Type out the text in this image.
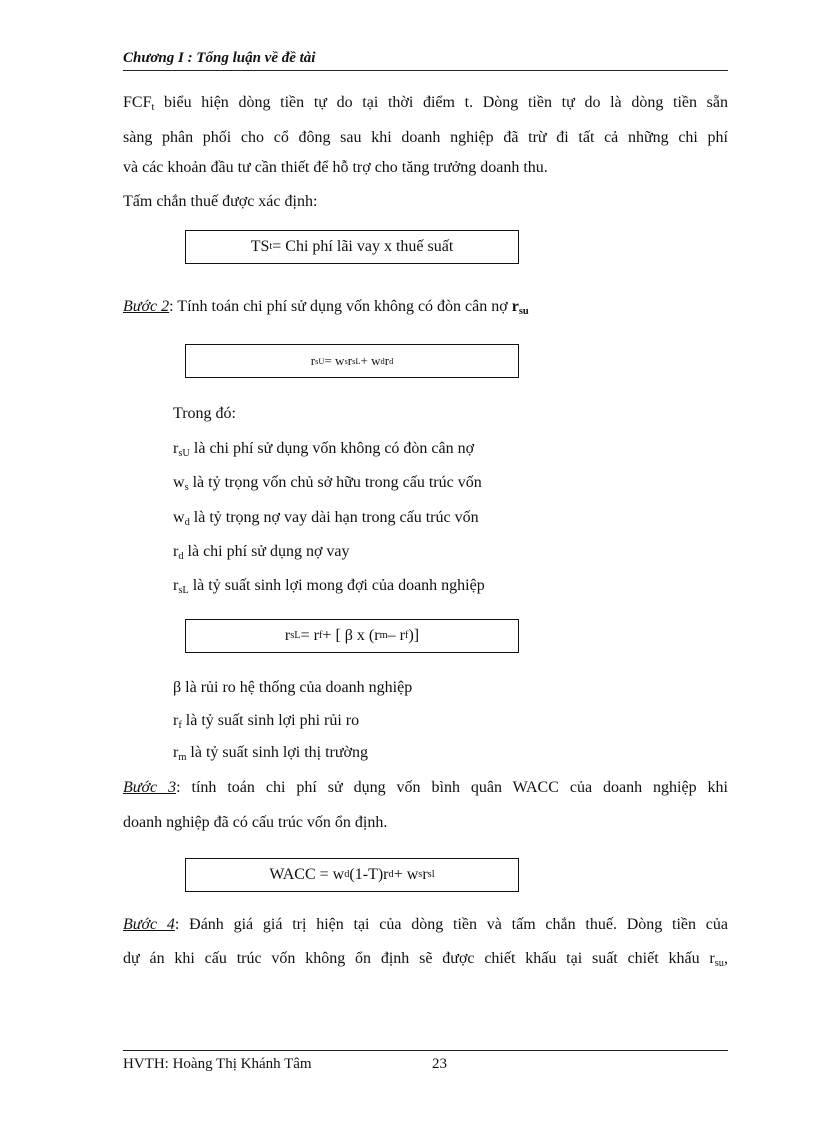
Chương I : Tổng luận về đề tài
$FCF_t$ biểu hiện dòng tiền tự do tại thời điểm t. Dòng tiền tự do là dòng tiền sẵn
sàng phân phối cho cổ đông sau khi doanh nghiệp đã trừ đi tất cả những chi phí
và các khoản đầu tư cần thiết để hỗ trợ cho tăng trưởng doanh thu.
Tấm chắn thuế được xác định:
TS t = Chi phí lãi vay x thuế suất
Bước 2: Tính toán chi phí sử dụng vốn không có đòn cân nợ $r_{su}$
r sU = w s r sL + w d r d
Trong đó:
$r_{sU}$ là chi phí sử dụng vốn không có đòn cân nợ
$w_s$ là tỷ trọng vốn chủ sở hữu trong cấu trúc vốn
$w_d$ là tỷ trọng nợ vay dài hạn trong cấu trúc vốn
$r_d$ là chi phí sử dụng nợ vay
$r_{sL}$ là tỷ suất sinh lợi mong đợi của doanh nghiệp
r sL = r f + [ β x (r m – r f )]
β là rủi ro hệ thống của doanh nghiệp
$r_f$ là tỷ suất sinh lợi phi rủi ro
$r_m$ là tỷ suất sinh lợi thị trường
Bước 3: tính toán chi phí sử dụng vốn bình quân WACC của doanh nghiệp khi
doanh nghiệp đã có cấu trúc vốn ổn định.
WACC = w d (1-T)r d + w s r sl
Bước 4: Đánh giá giá trị hiện tại của dòng tiền và tấm chắn thuế. Dòng tiền của
dự án khi cấu trúc vốn không ổn định sẽ được chiết khấu tại suất chiết khấu $r_{su}$,
HVTH: Hoàng Thị Khánh Tâm	23
